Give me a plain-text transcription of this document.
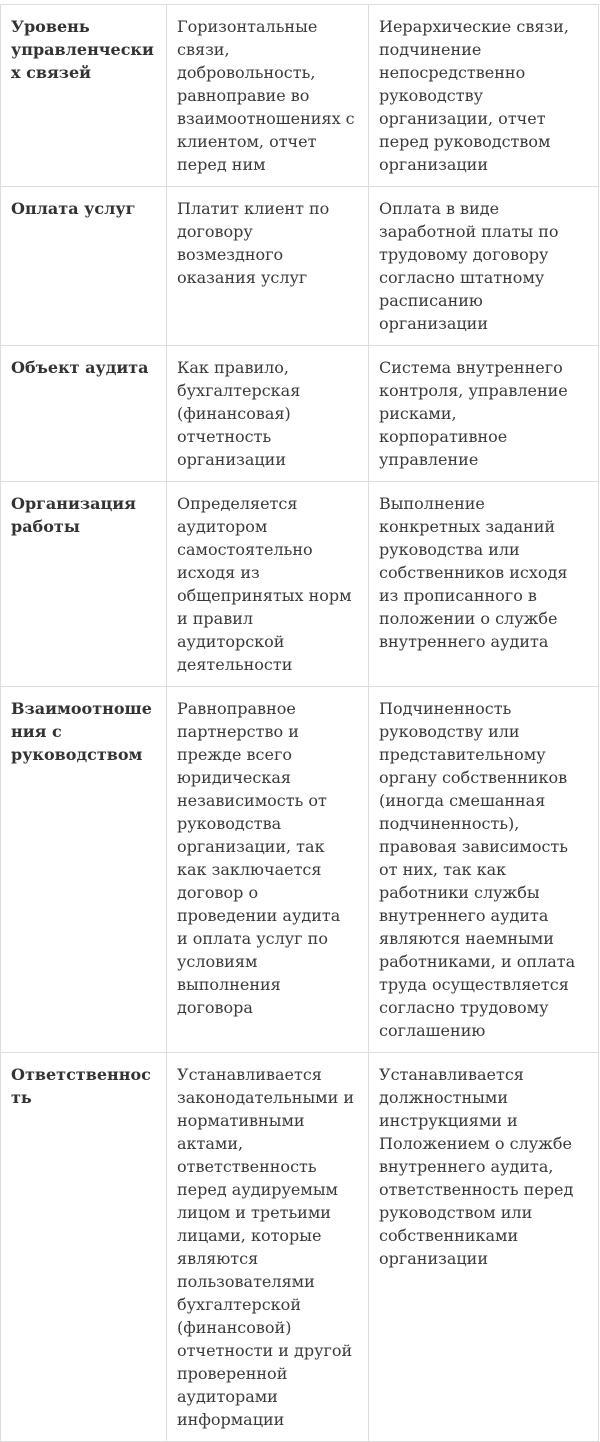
Уровень управленческих связей	Горизонтальные связи, добровольность, равноправие во взаимоотношениях с клиентом, отчет перед ним	Иерархические связи, подчинение непосредственно руководству организации, отчет перед руководством организации
Оплата услуг	Платит клиент по договору возмездного оказания услуг	Оплата в виде заработной платы по трудовому договору согласно штатному расписанию организации
Объект аудита	Как правило, бухгалтерская (финансовая) отчетность организации	Система внутреннего контроля, управление рисками, корпоративное управление
Организация работы	Определяется аудитором самостоятельно исходя из общепринятых норм и правил аудиторской деятельности	Выполнение конкретных заданий руководства или собственников исходя из прописанного в положении о службе внутреннего аудита
Взаимоотношения с руководством	Равноправное партнерство и прежде всего юридическая независимость от руководства организации, так как заключается договор о проведении аудита и оплата услуг по условиям выполнения договора	Подчиненность руководству или представительному органу собственников (иногда смешанная подчиненность), правовая зависимость от них, так как работники службы внутреннего аудита являются наемными работниками, и оплата труда осуществляется согласно трудовому соглашению
Ответственность	Устанавливается законодательными и нормативными актами, ответственность перед аудируемым лицом и третьими лицами, которые являются пользователями бухгалтерской (финансовой) отчетности и другой проверенной аудиторами информации	Устанавливается должностными инструкциями и Положением о службе внутреннего аудита, ответственность перед руководством или собственниками организации
